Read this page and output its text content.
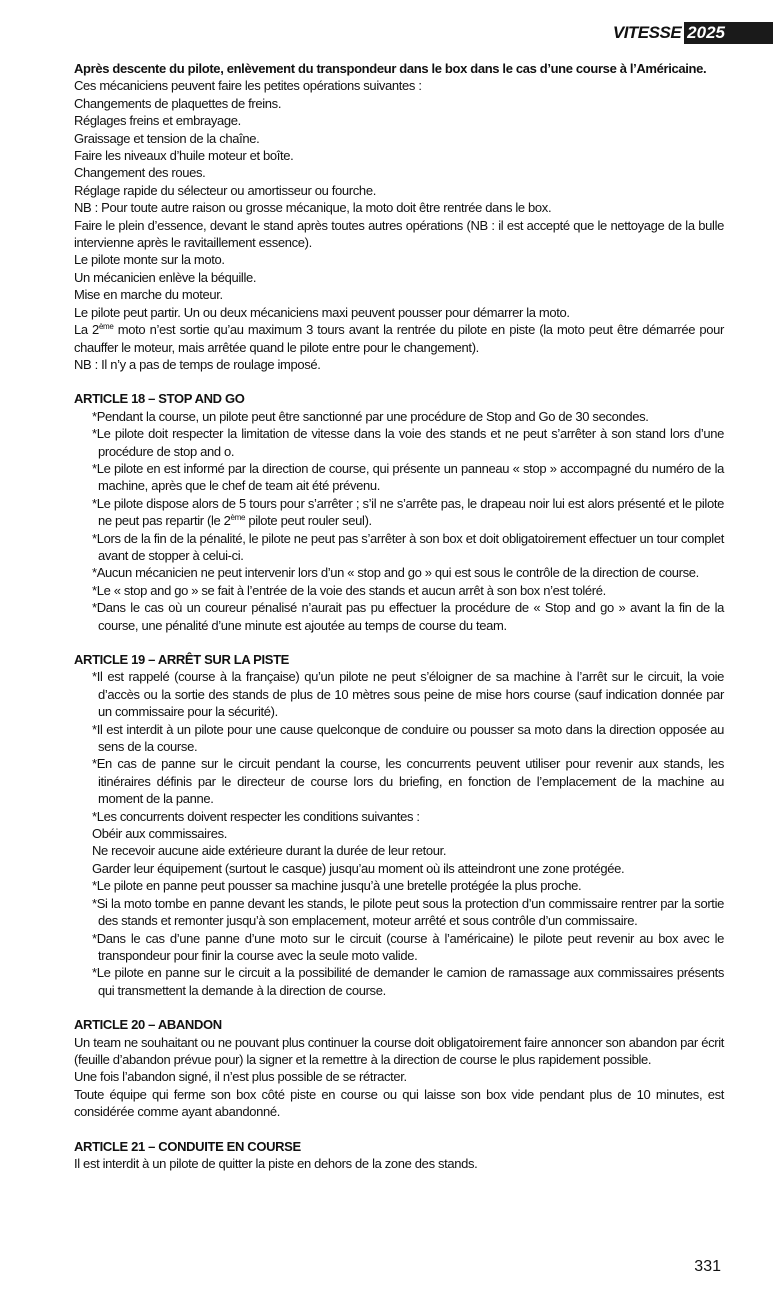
VITESSE 2025

Après descente du pilote, enlèvement du transpondeur dans le box dans le cas d’une course à l’Américaine.

Ces mécaniciens peuvent faire les petites opérations suivantes :

Changements de plaquettes de freins.

Réglages freins et embrayage.

Graissage et tension de la chaîne.

Faire les niveaux d’huile moteur et boîte.

Changement des roues.

Réglage rapide du sélecteur ou amortisseur ou fourche.

NB : Pour toute autre raison ou grosse mécanique, la moto doit être rentrée dans le box.

Faire le plein d’essence, devant le stand après toutes autres opérations (NB : il est accepté que le nettoyage de la bulle intervienne après le ravitaillement essence).

Le pilote monte sur la moto.

Un mécanicien enlève la béquille.

Mise en marche du moteur.

Le pilote peut partir. Un ou deux mécaniciens maxi peuvent pousser pour démarrer la moto.

La 2ème moto n’est sortie qu’au maximum 3 tours avant la rentrée du pilote en piste (la moto peut être démarrée pour chauffer le moteur, mais arrêtée quand le pilote entre pour le changement).

NB : Il n’y a pas de temps de roulage imposé.

ARTICLE 18 – STOP AND GO

*Pendant la course, un pilote peut être sanctionné par une procédure de Stop and Go de 30 secondes.

*Le pilote doit respecter la limitation de vitesse dans la voie des stands et ne peut s’arrêter à son stand lors d’une procédure de stop and o.

*Le pilote en est informé par la direction de course, qui présente un panneau « stop » accompagné du numéro de la machine, après que le chef de team ait été prévenu.

*Le pilote dispose alors de 5 tours pour s’arrêter ; s’il ne s’arrête pas, le drapeau noir lui est alors présenté et le pilote ne peut pas repartir (le 2ème pilote peut rouler seul).

*Lors de la fin de la pénalité, le pilote ne peut pas s’arrêter à son box et doit obligatoirement effectuer un tour complet avant de stopper à celui-ci.

*Aucun mécanicien ne peut intervenir lors d’un « stop and go » qui est sous le contrôle de la direction de course.

*Le « stop and go » se fait à l’entrée de la voie des stands et aucun arrêt à son box n’est toléré.

*Dans le cas où un coureur pénalisé n’aurait pas pu effectuer la procédure de « Stop and go » avant la fin de la course, une pénalité d’une minute est ajoutée au temps de course du team.

ARTICLE 19 – ARRÊT SUR LA PISTE

*Il est rappelé (course à la française) qu’un pilote ne peut s’éloigner de sa machine à l’arrêt sur le circuit, la voie d’accès ou la sortie des stands de plus de 10 mètres sous peine de mise hors course (sauf indication donnée par un commissaire pour la sécurité).

*Il est interdit à un pilote pour une cause quelconque de conduire ou pousser sa moto dans la direction opposée au sens de la course.

*En cas de panne sur le circuit pendant la course, les concurrents peuvent utiliser pour revenir aux stands, les itinéraires définis par le directeur de course lors du briefing, en fonction de l’emplacement de la machine au moment de la panne.

*Les concurrents doivent respecter les conditions suivantes :

Obéir aux commissaires.

Ne recevoir aucune aide extérieure durant la durée de leur retour.

Garder leur équipement (surtout le casque) jusqu’au moment où ils atteindront une zone protégée.

*Le pilote en panne peut pousser sa machine jusqu’à une bretelle protégée la plus proche.

*Si la moto tombe en panne devant les stands, le pilote peut sous la protection d’un commissaire rentrer par la sortie des stands et remonter jusqu’à son emplacement, moteur arrêté et sous contrôle d’un commissaire.

*Dans le cas d’une panne d’une moto sur le circuit (course à l’américaine) le pilote peut revenir au box avec le transpondeur pour finir la course avec la seule moto valide.

*Le pilote en panne sur le circuit a la possibilité de demander le camion de ramassage aux commissaires présents qui transmettent la demande à la direction de course.

ARTICLE 20 – ABANDON

Un team ne souhaitant ou ne pouvant plus continuer la course doit obligatoirement faire annoncer son abandon par écrit (feuille d’abandon prévue pour) la signer et la remettre à la direction de course le plus rapidement possible.

Une fois l’abandon signé, il n’est plus possible de se rétracter.

Toute équipe qui ferme son box côté piste en course ou qui laisse son box vide pendant plus de 10 minutes, est considérée comme ayant abandonné.

ARTICLE 21 – CONDUITE EN COURSE

Il est interdit à un pilote de quitter la piste en dehors de la zone des stands.

331
